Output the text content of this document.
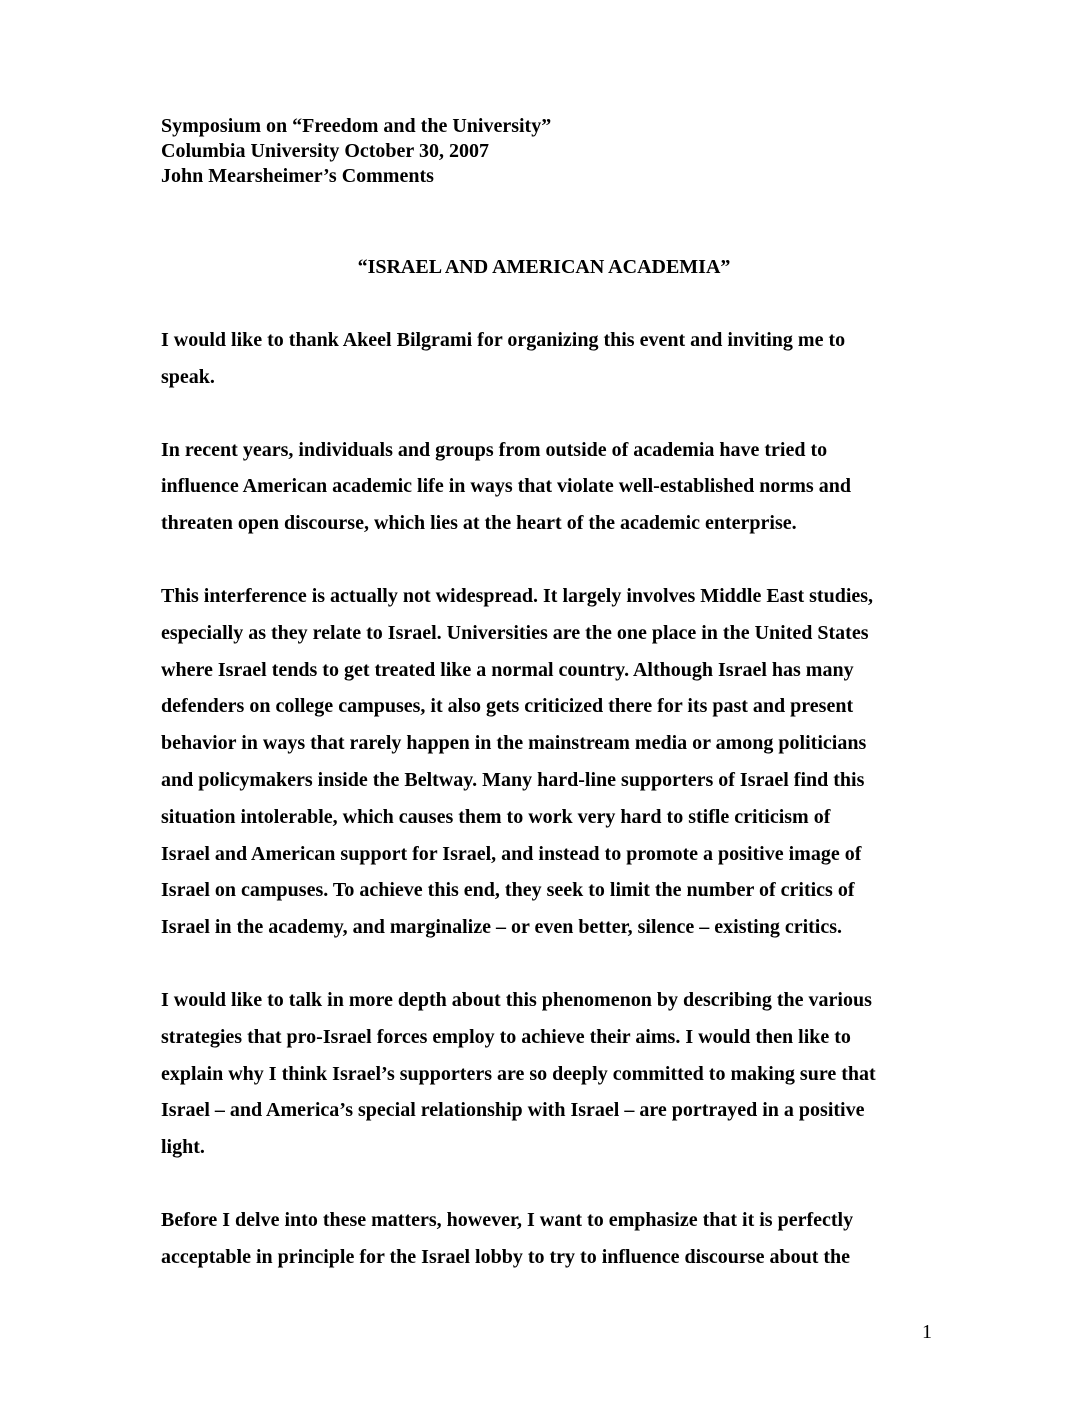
Symposium on “Freedom and the University”
Columbia University October 30, 2007
John Mearsheimer’s Comments
“ISRAEL AND AMERICAN ACADEMIA”

I would like to thank Akeel Bilgrami for organizing this event and inviting me to
speak.

In recent years, individuals and groups from outside of academia have tried to
influence American academic life in ways that violate well-established norms and
threaten open discourse, which lies at the heart of the academic enterprise.

This interference is actually not widespread. It largely involves Middle East studies,
especially as they relate to Israel. Universities are the one place in the United States
where Israel tends to get treated like a normal country. Although Israel has many
defenders on college campuses, it also gets criticized there for its past and present
behavior in ways that rarely happen in the mainstream media or among politicians
and policymakers inside the Beltway. Many hard-line supporters of Israel find this
situation intolerable, which causes them to work very hard to stifle criticism of
Israel and American support for Israel, and instead to promote a positive image of
Israel on campuses. To achieve this end, they seek to limit the number of critics of
Israel in the academy, and marginalize – or even better, silence – existing critics.

I would like to talk in more depth about this phenomenon by describing the various
strategies that pro-Israel forces employ to achieve their aims. I would then like to
explain why I think Israel’s supporters are so deeply committed to making sure that
Israel – and America’s special relationship with Israel – are portrayed in a positive
light.

Before I delve into these matters, however, I want to emphasize that it is perfectly
acceptable in principle for the Israel lobby to try to influence discourse about the

1
